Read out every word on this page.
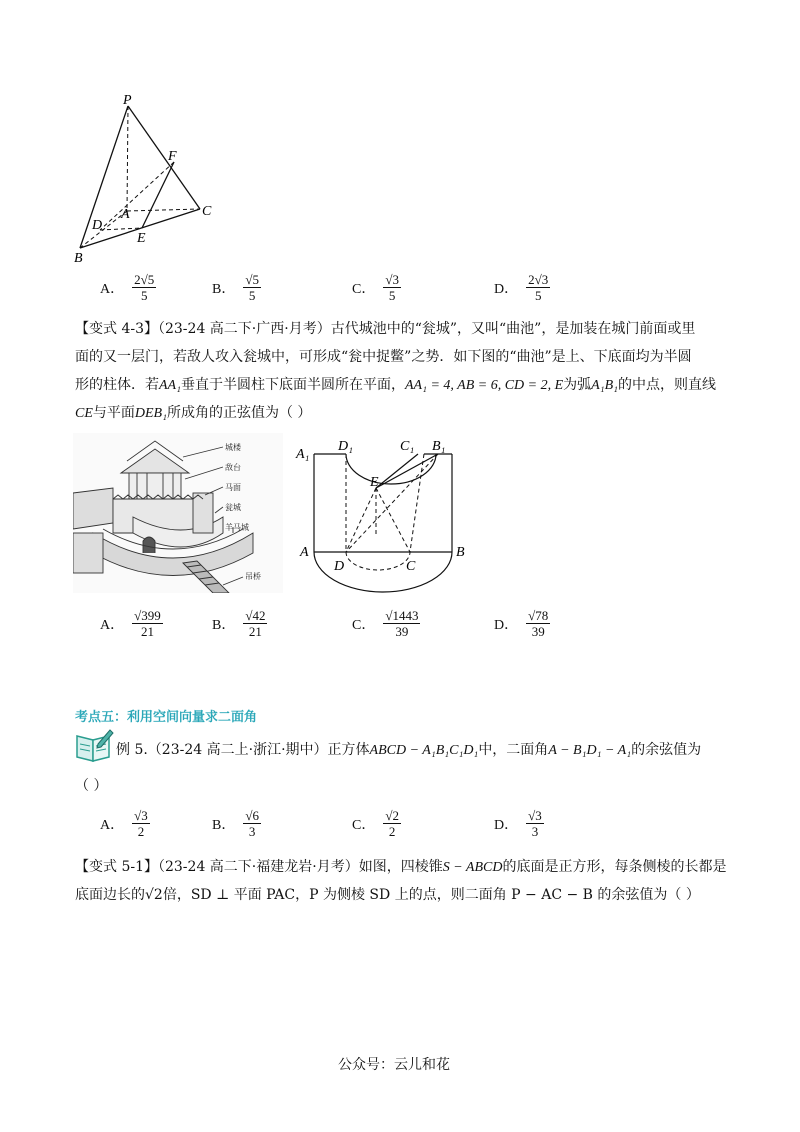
P
F
A	C
D
E
B
A． $\frac{2√5}{5}$	B． $\frac{√5}{5}$	C． $\frac{√3}{5}$	D． $\frac{2√3}{5}$
【变式 4-3】（23-24 高二下·广西·月考）古代城池中的“瓮城”，又叫“曲池”，是加装在城门前面或里
面的又一层门，若敌人攻入瓮城中，可形成“瓮中捉鳖”之势．如下图的“曲池”是上、下底面均为半圆
形的柱体．若AA₁垂直于半圆柱下底面半圆所在平面，AA₁ = 4, AB = 6, CD = 2, E为弧A₁B₁的中点，则直线
CE与平面DEB₁所成角的正弦值为（ ）
城楼
敌台
马面
瓮城
羊马城
吊桥
A₁
D₁	C₁ B₁
E
A	B
D	C
A． $\frac{√399}{21}$	B． $\frac{√42}{21}$	C． $\frac{√1443}{39}$	D． $\frac{√78}{39}$
考点五：利用空间向量求二面角
例 5.（23-24 高二上·浙江·期中）正方体ABCD − A₁B₁C₁D₁中，二面角A − B₁D₁ − A₁的余弦值为
（ ）
A． $\frac{√3}{2}$	B． $\frac{√6}{3}$	C． $\frac{√2}{2}$	D． $\frac{√3}{3}$
【变式 5-1】（23-24 高二下·福建龙岩·月考）如图，四棱锥S − ABCD的底面是正方形，每条侧棱的长都是
底面边长的√2倍，SD ⊥ 平面 PAC，P 为侧棱 SD 上的点，则二面角 P − AC − B 的余弦值为（ ）
公众号：云儿和花
